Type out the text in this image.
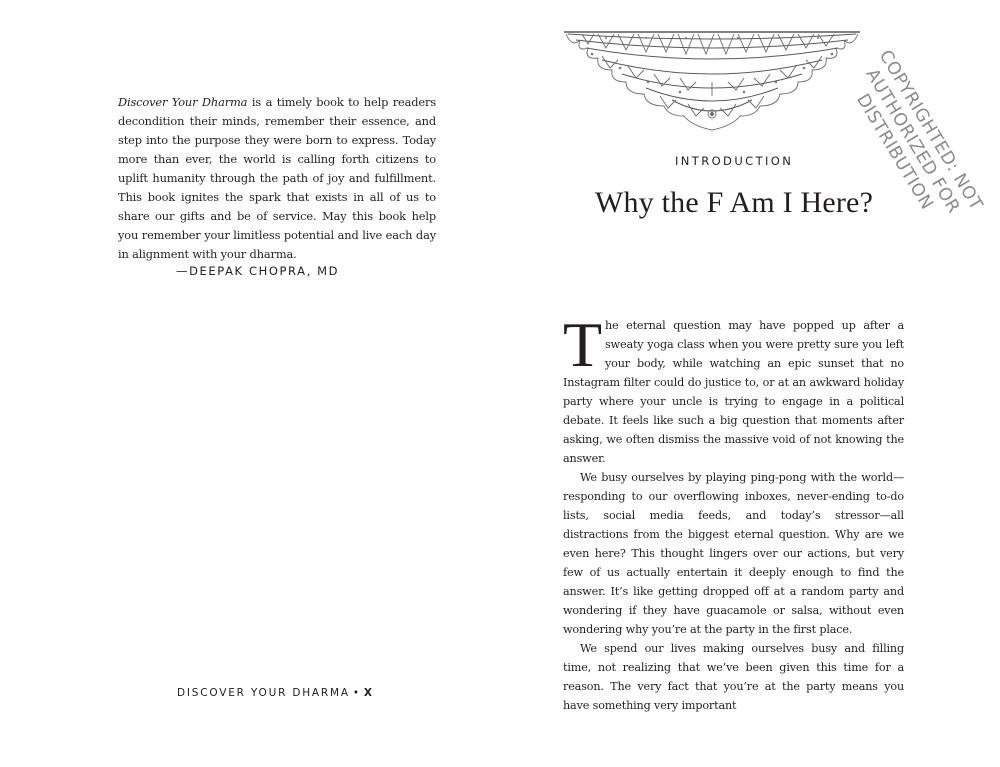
Discover Your Dharma is a timely book to help readers decondition their minds, remember their essence, and step into the purpose they were born to express. Today more than ever, the world is calling forth citizens to uplift humanity through the path of joy and fulfillment. This book ignites the spark that exists in all of us to share our gifts and be of service. May this book help you remember your limitless potential and live each day in alignment with your dharma.
—DEEPAK CHOPRA, MD
DISCOVER YOUR DHARMA • X
INTRODUCTION
Why the F Am I Here? COPYRIGHTED: NOT AUTHORIZED FOR DISTRIBUTION

The eternal question may have popped up after a sweaty yoga class when you were pretty sure you left your body, while watching an epic sunset that no Instagram filter could do justice to, or at an awkward holiday party where your uncle is trying to engage in a political debate. It feels like such a big question that moments after asking, we often dismiss the massive void of not knowing the answer.

We busy ourselves by playing ping-pong with the world—responding to our overflowing inboxes, never-ending to-do lists, social media feeds, and today’s stressor—all distractions from the biggest eternal question. Why are we even here? This thought lingers over our actions, but very few of us actually entertain it deeply enough to find the answer. It’s like getting dropped off at a random party and wondering if they have guacamole or salsa, without even wondering why you’re at the party in the first place.

We spend our lives making ourselves busy and filling time, not realizing that we’ve been given this time for a reason. The very fact that you’re at the party means you have something very important
